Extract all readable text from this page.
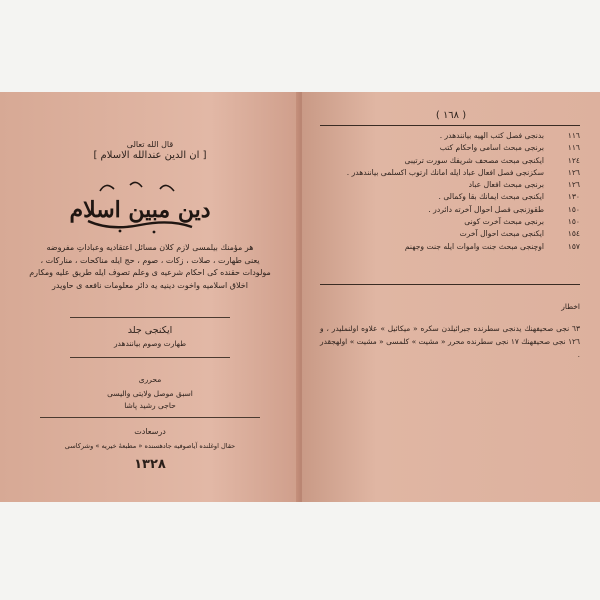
قال الله تعالى
[ ان الدين عندالله الاسلام ]
دين مبين اسلام
هر مؤمنك بيلمسى لازم كلان مسائل اعتقاديه وعباداتِ مفروضه
يعنى طهارت ، صلات ، زكات ، صوم ، حج ايله مناكحات ، مناركات ،
مولودات حقنده كى احكام شرعيه ى وعلم تصوف ايله طريق عليه ومكارم
اخلاق اسلاميه واخوت دينيه يه دائر معلومات نافعه ى حاويدر
ايكنجى جلد
طهارت وصوم بيانندهدر
محررى
اسبق موصل ولايتى واليسى
حاجى رشيد پاشا
درسعادت
حقال اوغلنده آياصوفيه جادهسنده « مطبعهٔ خيريه » وشركاسى
١٣٢٨
( ١٦٨ )
١١٦
بدنجى فصل كتب الهيه بيانندهدر .
١١٦
برنجى مبحث اسامى واحكام كتب
١٢٤
ايكنجى مبحث مصحف شريفك سورت ترتيبى
١٢٦
سكزنجى فصل افعال عباد ايله امانك ارتوب اكسلمى بيانندهدر .
١٢٦
برنجى مبحث افعال عباد
١٣٠
ايكنجى مبحث ايمانك بقا وكمالى .
١٥٠
طقوزنجى فصل احوال آخرته دائردر .
١٥٠
برنجى مبحث آخرت كونى
١٥٤
ايكنجى مبحث احوال آخرت
١٥٧
اوچنجى مبحث جنت واموات ايله جنت وجهنم
اخطار
٦٣ نجى صحيفهنك يدنجى سطرنده جبرائيلدن سكره « ميكائيل » علاوه اولنمليدر ، و ١٢٦ نجى صحيفهنك ١٧ نجى سطرنده محرر « مشيت » كلمسى « مشيت » اولهجقدر .
